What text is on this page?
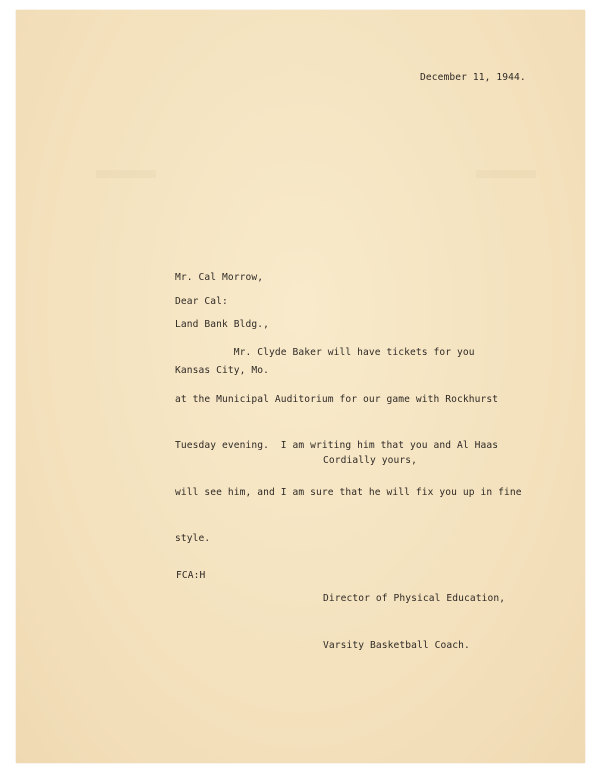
December 11, 1944.

Mr. Cal Morrow,

Land Bank Bldg.,

Kansas City, Mo.

Dear Cal:

Mr. Clyde Baker will have tickets for you

at the Municipal Auditorium for our game with Rockhurst

Tuesday evening.  I am writing him that you and Al Haas

will see him, and I am sure that he will fix you up in fine

style.

Cordially yours,
FCA:H

Director of Physical Education,

Varsity Basketball Coach.
